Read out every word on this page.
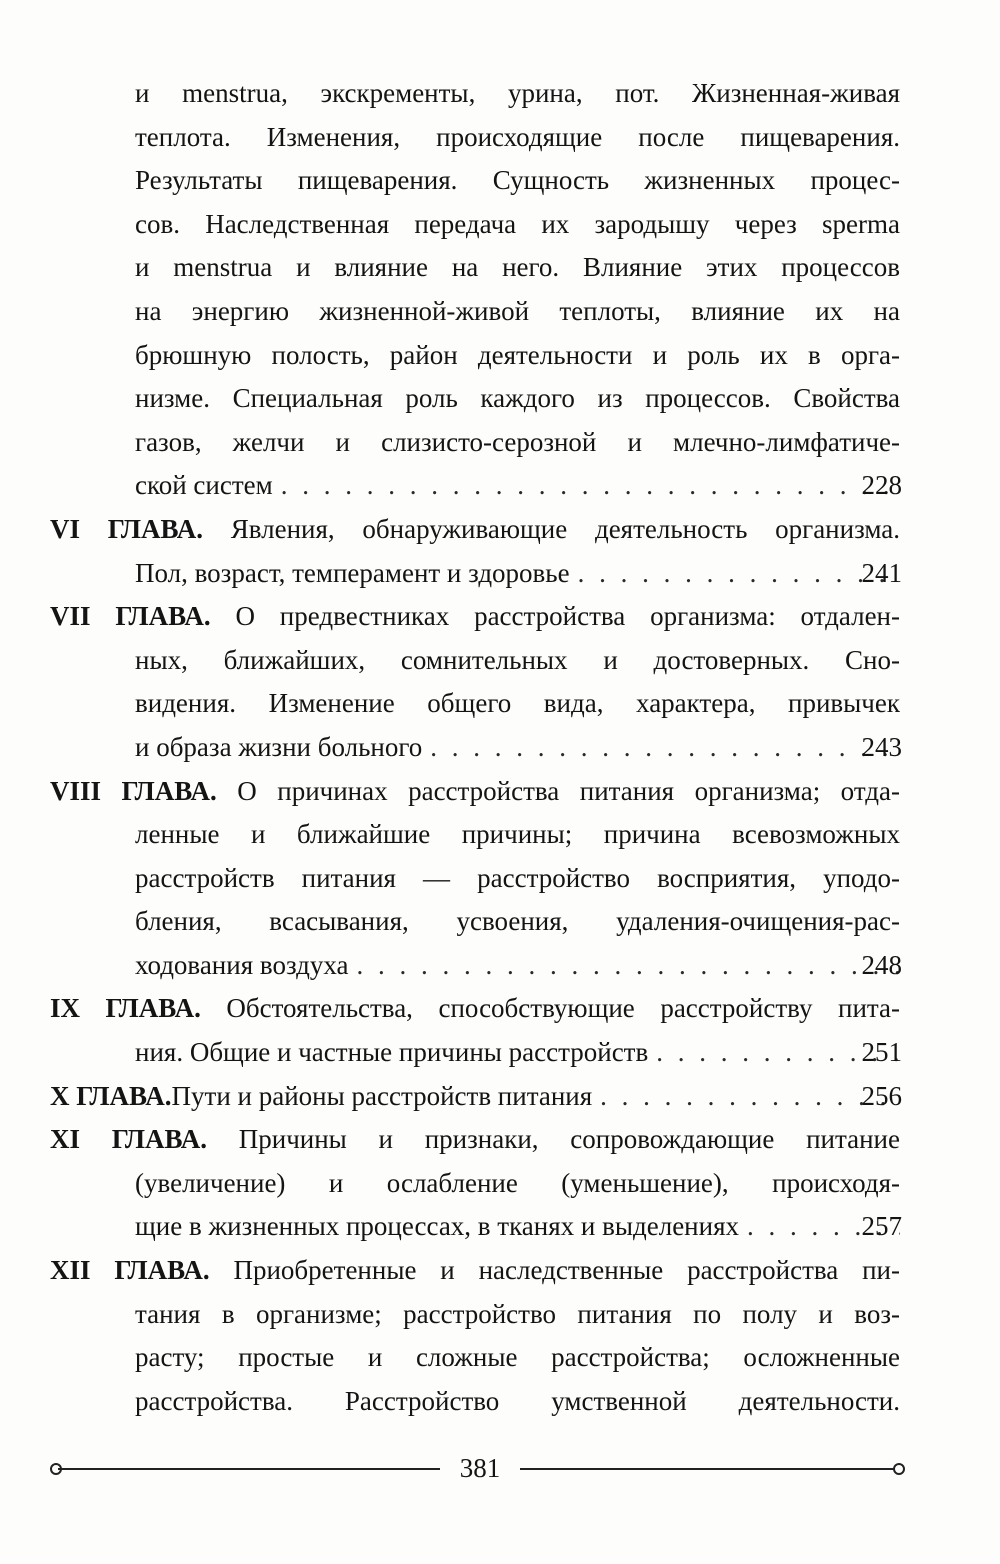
и menstrua, экскременты, урина, пот. Жизненная-живая
теплота. Изменения, происходящие после пищеварения.
Результаты пищеварения. Сущность жизненных процес-
сов. Наследственная передача их зародышу через sperma
и menstrua и влияние на него. Влияние этих процессов
на энергию жизненной-живой теплоты, влияние их на
брюшную полость, район деятельности и роль их в орга-
низме. Специальная роль каждого из процессов. Свойства
газов, желчи и слизисто-серозной и млечно-лимфатиче-
ской систем . . .	228
VI ГЛАВА. Явления, обнаруживающие деятельность организма.
Пол, возраст, темперамент и здоровье . . .	241
VII ГЛАВА. О предвестниках расстройства организма: отдален-
ных, ближайших, сомнительных и достоверных. Сно-
видения. Изменение общего вида, характера, привычек
и образа жизни больного . . .	243
VIII ГЛАВА. О причинах расстройства питания организма; отда-
ленные и ближайшие причины; причина всевозможных
расстройств питания — расстройство восприятия, уподо-
бления, всасывания, усвоения, удаления-очищения-рас-
ходования воздуха . . .	248
IX ГЛАВА. Обстоятельства, способствующие расстройству пита-
ния. Общие и частные причины расстройств . . .	251
X ГЛАВА. Пути и районы расстройств питания . . .	256
XI ГЛАВА. Причины и признаки, сопровождающие питание
(увеличение) и ослабление (уменьшение), происходя-
щие в жизненных процессах, в тканях и выделениях . . .	257
XII ГЛАВА. Приобретенные и наследственные расстройства пи-
тания в организме; расстройство питания по полу и воз-
расту; простые и сложные расстройства; осложненные
расстройства. Расстройство умственной деятельности.
381
